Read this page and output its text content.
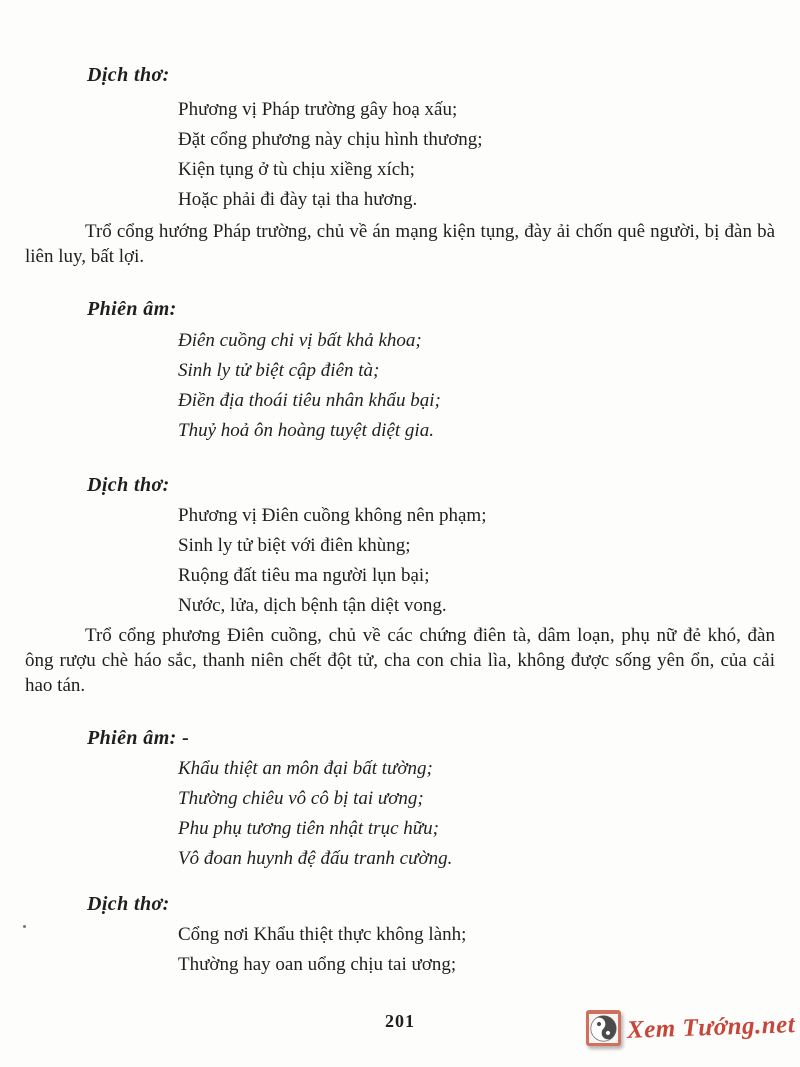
Dịch thơ:
Phương vị Pháp trường gây hoạ xấu;
Đặt cổng phương này chịu hình thương;
Kiện tụng ở tù chịu xiềng xích;
Hoặc phải đi đày tại tha hương.

Trổ cổng hướng Pháp trường, chủ về án mạng kiện tụng, đày ải chốn quê người, bị đàn bà liên luy, bất lợi.

Phiên âm:
Điên cuồng chi vị bất khả khoa;
Sinh ly tử biệt cập điên tà;
Điền địa thoái tiêu nhân khẩu bại;
Thuỷ hoả ôn hoàng tuyệt diệt gia.
Dịch thơ:
Phương vị Điên cuồng không nên phạm;
Sinh ly tử biệt với điên khùng;
Ruộng đất tiêu ma người lụn bại;
Nước, lửa, dịch bệnh tận diệt vong.

Trổ cổng phương Điên cuồng, chủ về các chứng điên tà, dâm loạn, phụ nữ đẻ khó, đàn ông rượu chè háo sắc, thanh niên chết đột tử, cha con chia lìa, không được sống yên ổn, của cải hao tán.

Phiên âm: -
Khẩu thiệt an môn đại bất tường;
Thường chiêu vô cô bị tai ương;
Phu phụ tương tiên nhật trục hữu;
Vô đoan huynh đệ đấu tranh cường.
Dịch thơ:
Cổng nơi Khẩu thiệt thực không lành;
Thường hay oan uổng chịu tai ương;
201	Xem Tướng.net
